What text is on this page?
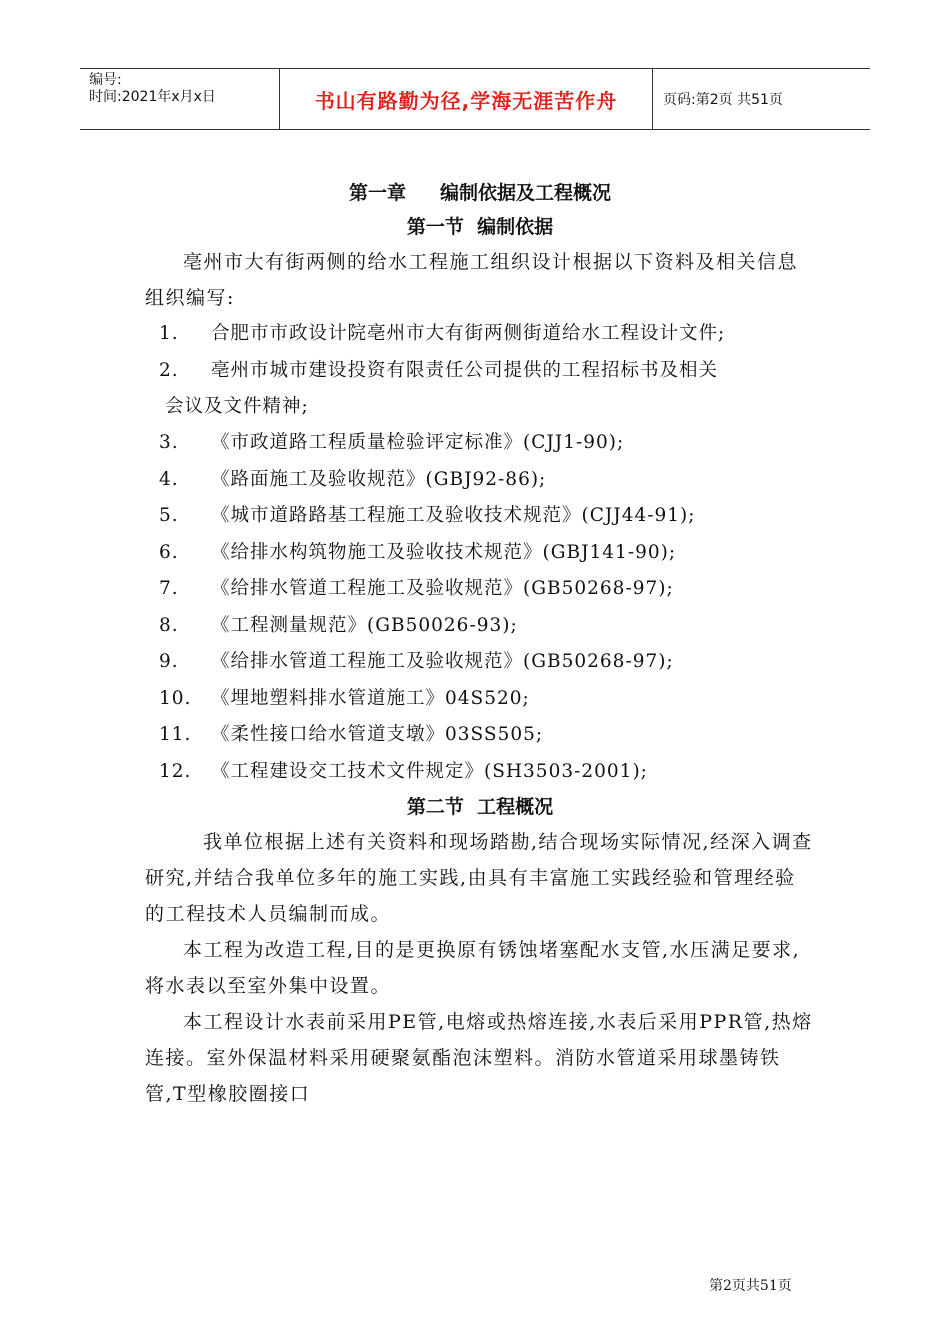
编号:
时间:2021年x月x日	书山有路勤为径,学海无涯苦作舟	页码:第2页 共51页
第一章 编制依据及工程概况
第一节  编制依据
亳州市大有街两侧的给水工程施工组织设计根据以下资料及相关信息组织编写:
1.	合肥市市政设计院亳州市大有街两侧街道给水工程设计文件;
2.	亳州市城市建设投资有限责任公司提供的工程招标书及相关
会议及文件精神;
3.	《市政道路工程质量检验评定标准》(CJJ1-90);
4.	《路面施工及验收规范》(GBJ92-86);
5.	《城市道路路基工程施工及验收技术规范》(CJJ44-91);
6.	《给排水构筑物施工及验收技术规范》(GBJ141-90);
7.	《给排水管道工程施工及验收规范》(GB50268-97);
8.	《工程测量规范》(GB50026-93);
9.	《给排水管道工程施工及验收规范》(GB50268-97);
10.	《埋地塑料排水管道施工》04S520;
11.	《柔性接口给水管道支墩》03SS505;
12.	《工程建设交工技术文件规定》(SH3503-2001);
第二节  工程概况
我单位根据上述有关资料和现场踏勘,结合现场实际情况,经深入调查研究,并结合我单位多年的施工实践,由具有丰富施工实践经验和管理经验的工程技术人员编制而成。
本工程为改造工程,目的是更换原有锈蚀堵塞配水支管,水压满足要求,将水表以至室外集中设置。
本工程设计水表前采用PE管,电熔或热熔连接,水表后采用PPR管,热熔连接。室外保温材料采用硬聚氨酯泡沫塑料。消防水管道采用球墨铸铁管,T型橡胶圈接口
第2页共51页
